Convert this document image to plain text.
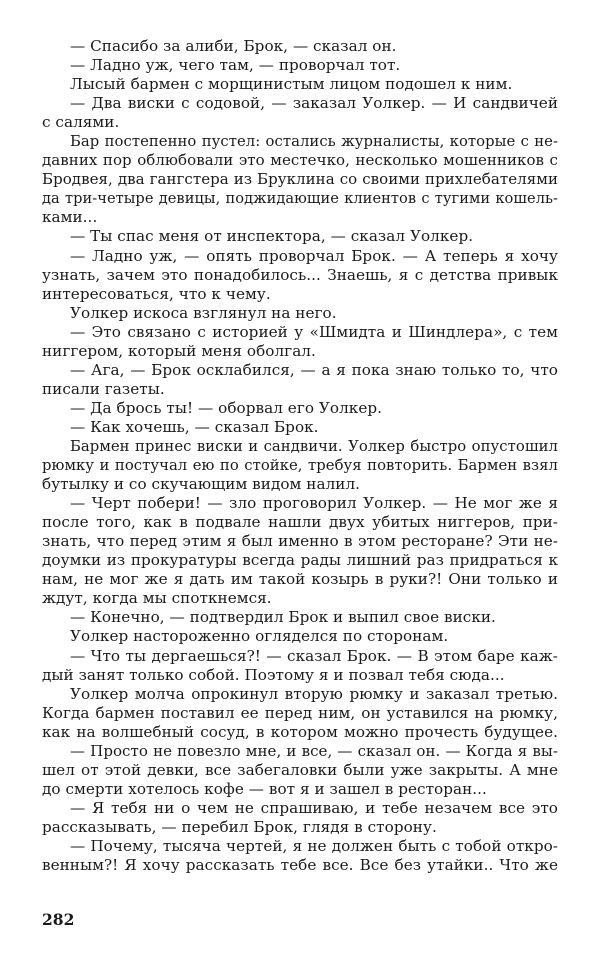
— Спасибо за алиби, Брок, — сказал он.
— Ладно уж, чего там, — проворчал тот.
Лысый бармен с морщинистым лицом подошел к ним.
— Два виски с содовой, — заказал Уолкер. — И сандвичей
с салями.
Бар постепенно пустел: остались журналисты, которые с не-
давних пор облюбовали это местечко, несколько мошенников с
Бродвея, два гангстера из Бруклина со своими прихлебателями
да три-четыре девицы, поджидающие клиентов с тугими кошель-
ками...
— Ты спас меня от инспектора, — сказал Уолкер.
— Ладно уж, — опять проворчал Брок. — А теперь я хочу
узнать, зачем это понадобилось... Знаешь, я с детства привык
интересоваться, что к чему.
Уолкер искоса взглянул на него.
— Это связано с историей у «Шмидта и Шиндлера», с тем
ниггером, который меня оболгал.
— Ага, — Брок осклабился, — а я пока знаю только то, что
писали газеты.
— Да брось ты! — оборвал его Уолкер.
— Как хочешь, — сказал Брок.
Бармен принес виски и сандвичи. Уолкер быстро опустошил
рюмку и постучал ею по стойке, требуя повторить. Бармен взял
бутылку и со скучающим видом налил.
— Черт побери! — зло проговорил Уолкер. — Не мог же я
после того, как в подвале нашли двух убитых ниггеров, при-
знать, что перед этим я был именно в этом ресторане? Эти не-
доумки из прокуратуры всегда рады лишний раз придраться к
нам, не мог же я дать им такой козырь в руки?! Они только и
ждут, когда мы споткнемся.
— Конечно, — подтвердил Брок и выпил свое виски.
Уолкер настороженно огляделся по сторонам.
— Что ты дергаешься?! — сказал Брок. — В этом баре каж-
дый занят только собой. Поэтому я и позвал тебя сюда...
Уолкер молча опрокинул вторую рюмку и заказал третью.
Когда бармен поставил ее перед ним, он уставился на рюмку,
как на волшебный сосуд, в котором можно прочесть будущее.
— Просто не повезло мне, и все, — сказал он. — Когда я вы-
шел от этой девки, все забегаловки были уже закрыты. А мне
до смерти хотелось кофе — вот я и зашел в ресторан...
— Я тебя ни о чем не спрашиваю, и тебе незачем все это
рассказывать, — перебил Брок, глядя в сторону.
— Почему, тысяча чертей, я не должен быть с тобой откро-
венным?! Я хочу рассказать тебе все. Все без утайки.. Что же
282
